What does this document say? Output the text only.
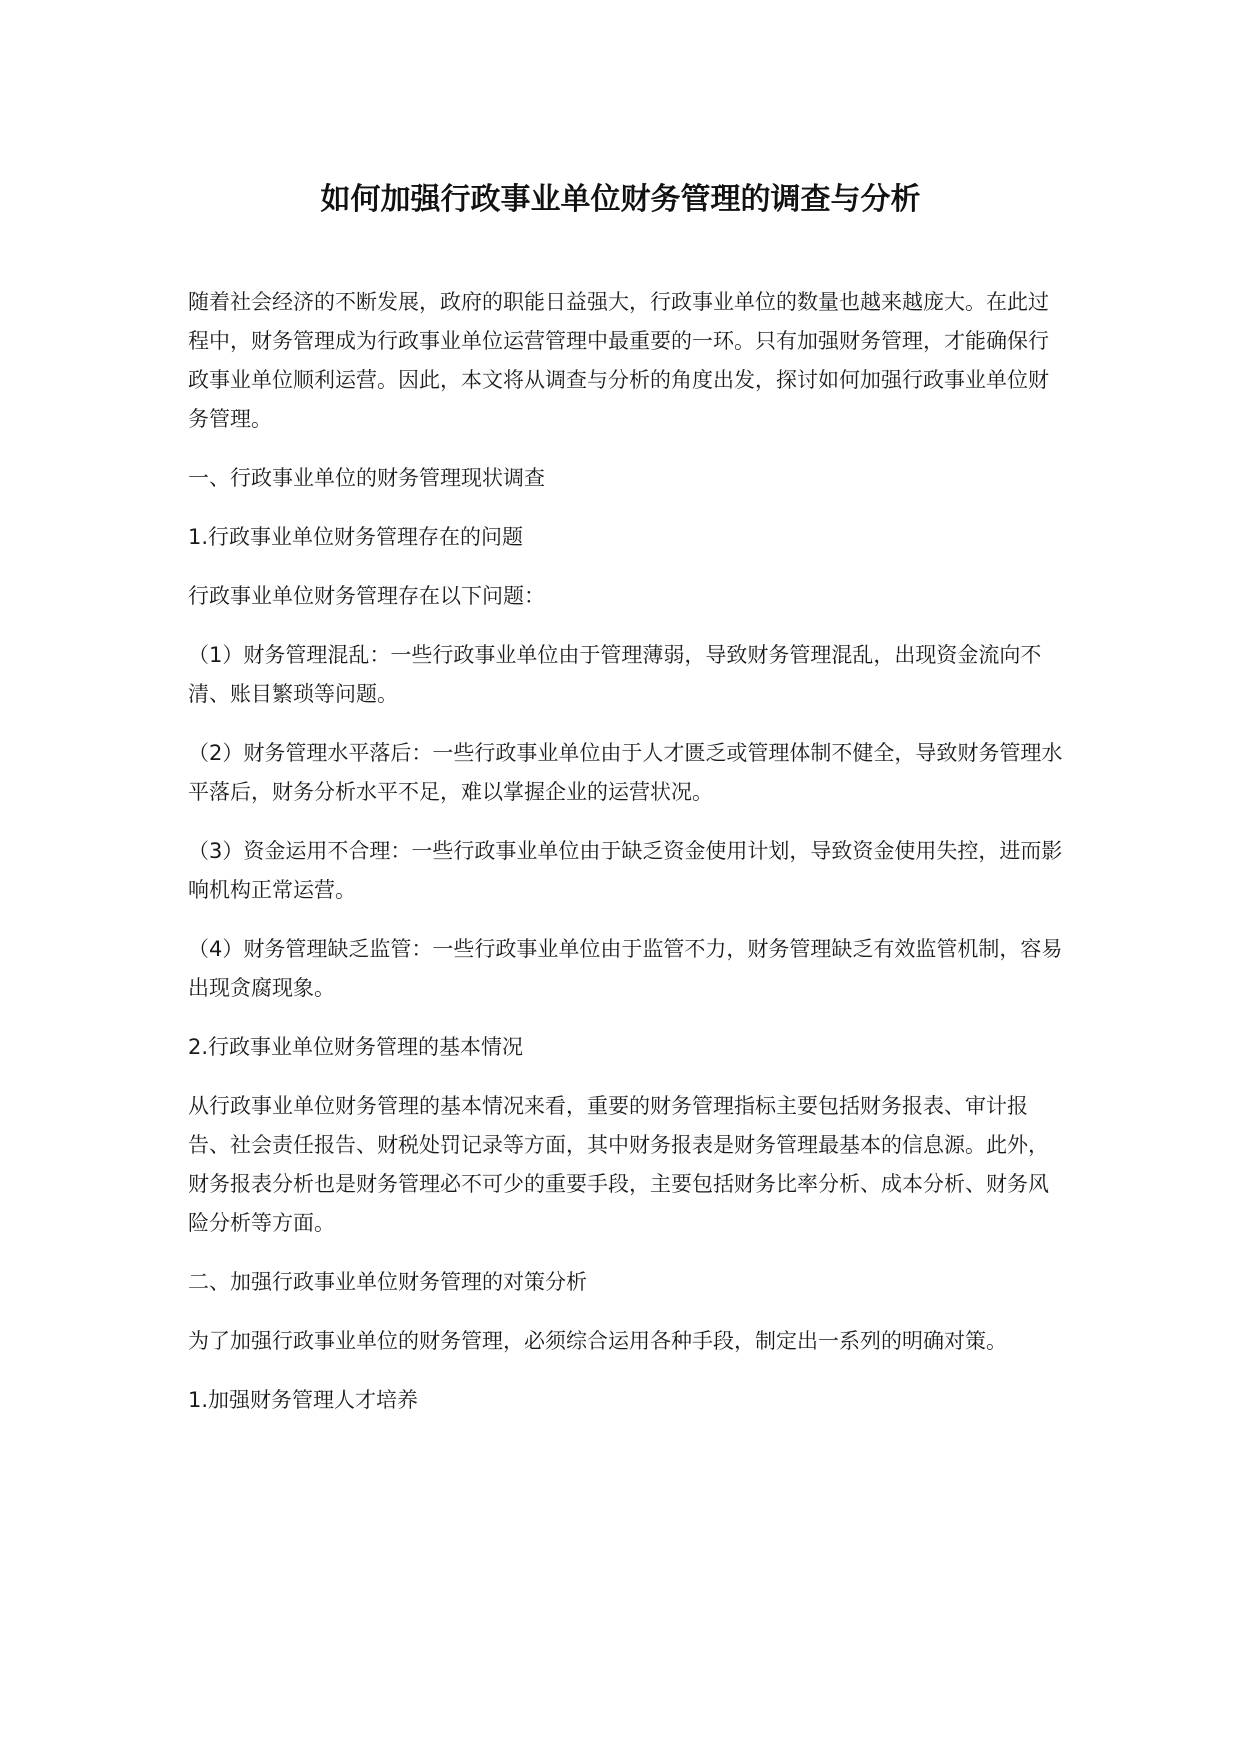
如何加强行政事业单位财务管理的调查与分析

随着社会经济的不断发展，政府的职能日益强大，行政事业单位的数量也越来越庞大。在此过程中，财务管理成为行政事业单位运营管理中最重要的一环。只有加强财务管理，才能确保行政事业单位顺利运营。因此，本文将从调查与分析的角度出发，探讨如何加强行政事业单位财务管理。

一、行政事业单位的财务管理现状调查

1.行政事业单位财务管理存在的问题

行政事业单位财务管理存在以下问题：

（1）财务管理混乱：一些行政事业单位由于管理薄弱，导致财务管理混乱，出现资金流向不清、账目繁琐等问题。

（2）财务管理水平落后：一些行政事业单位由于人才匮乏或管理体制不健全，导致财务管理水平落后，财务分析水平不足，难以掌握企业的运营状况。

（3）资金运用不合理：一些行政事业单位由于缺乏资金使用计划，导致资金使用失控，进而影响机构正常运营。

（4）财务管理缺乏监管：一些行政事业单位由于监管不力，财务管理缺乏有效监管机制，容易出现贪腐现象。

2.行政事业单位财务管理的基本情况

从行政事业单位财务管理的基本情况来看，重要的财务管理指标主要包括财务报表、审计报告、社会责任报告、财税处罚记录等方面，其中财务报表是财务管理最基本的信息源。此外，财务报表分析也是财务管理必不可少的重要手段，主要包括财务比率分析、成本分析、财务风险分析等方面。

二、加强行政事业单位财务管理的对策分析

为了加强行政事业单位的财务管理，必须综合运用各种手段，制定出一系列的明确对策。

1.加强财务管理人才培养
